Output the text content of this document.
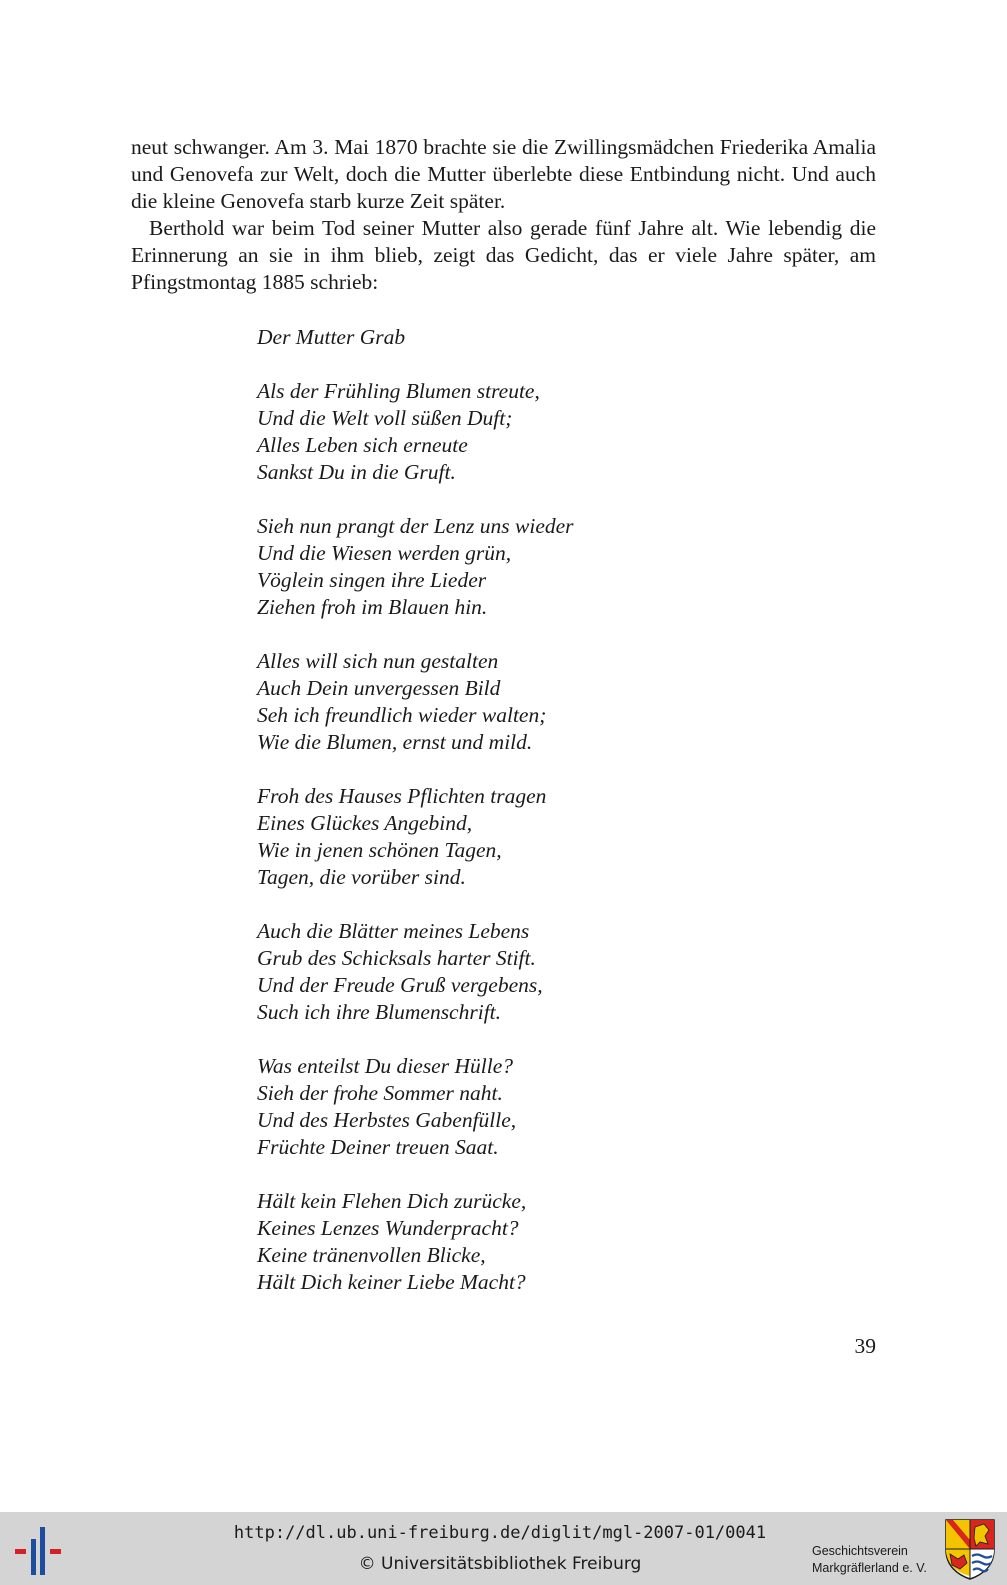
neut schwanger. Am 3. Mai 1870 brachte sie die Zwillingsmädchen Friederika Amalia und Genovefa zur Welt, doch die Mutter überlebte diese Entbindung nicht. Und auch die kleine Genovefa starb kurze Zeit später.

Berthold war beim Tod seiner Mutter also gerade fünf Jahre alt. Wie lebendig die Erinnerung an sie in ihm blieb, zeigt das Gedicht, das er viele Jahre später, am Pfingstmontag 1885 schrieb:

Der Mutter Grab
Als der Frühling Blumen streute,
Und die Welt voll süßen Duft;
Alles Leben sich erneute
Sankst Du in die Gruft.
Sieh nun prangt der Lenz uns wieder
Und die Wiesen werden grün,
Vöglein singen ihre Lieder
Ziehen froh im Blauen hin.
Alles will sich nun gestalten
Auch Dein unvergessen Bild
Seh ich freundlich wieder walten;
Wie die Blumen, ernst und mild.
Froh des Hauses Pflichten tragen
Eines Glückes Angebind,
Wie in jenen schönen Tagen,
Tagen, die vorüber sind.
Auch die Blätter meines Lebens
Grub des Schicksals harter Stift.
Und der Freude Gruß vergebens,
Such ich ihre Blumenschrift.
Was enteilst Du dieser Hülle?
Sieh der frohe Sommer naht.
Und des Herbstes Gabenfülle,
Früchte Deiner treuen Saat.
Hält kein Flehen Dich zurücke,
Keines Lenzes Wunderpracht?
Keine tränenvollen Blicke,
Hält Dich keiner Liebe Macht?
39
http://dl.ub.uni-freiburg.de/diglit/mgl-2007-01/0041
© Universitätsbibliothek Freiburg
Geschichtsverein
Markgräflerland e. V.
